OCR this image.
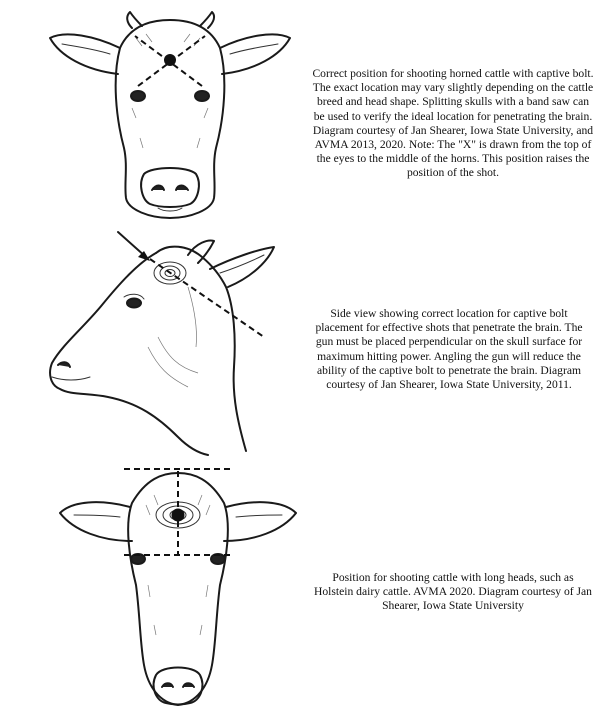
Correct position for shooting horned cattle with captive bolt. The exact location may vary slightly depending on the cattle breed and head shape. Splitting skulls with a band saw can be used to verify the ideal location for penetrating the brain. Diagram courtesy of Jan Shearer, Iowa State University, and AVMA 2013, 2020. Note: The "X" is drawn from the top of the eyes to the middle of the horns. This position raises the position of the shot.
Side view showing correct location for captive bolt placement for effective shots that penetrate the brain. The gun must be placed perpendicular on the skull surface for maximum hitting power. Angling the gun will reduce the ability of the captive bolt to penetrate the brain. Diagram courtesy of Jan Shearer, Iowa State University, 2011.
Position for shooting cattle with long heads, such as Holstein dairy cattle. AVMA 2020. Diagram courtesy of Jan Shearer, Iowa State University
